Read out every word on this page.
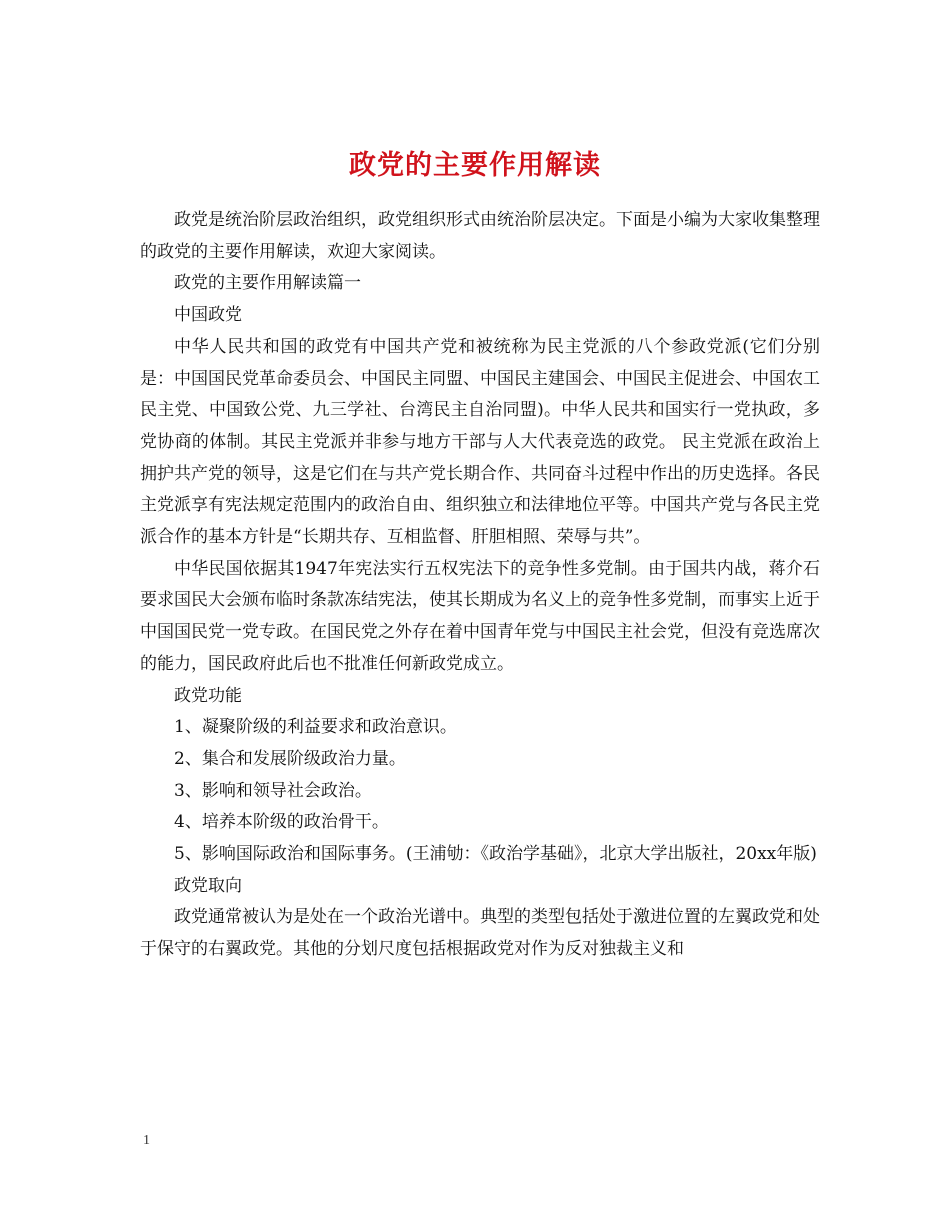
政党的主要作用解读

政党是统治阶层政治组织，政党组织形式由统治阶层决定。下面是小编为大家收集整理的政党的主要作用解读，欢迎大家阅读。

政党的主要作用解读篇一

中国政党

中华人民共和国的政党有中国共产党和被统称为民主党派的八个参政党派(它们分别是：中国国民党革命委员会、中国民主同盟、中国民主建国会、中国民主促进会、中国农工民主党、中国致公党、九三学社、台湾民主自治同盟)。中华人民共和国实行一党执政，多党协商的体制。其民主党派并非参与地方干部与人大代表竞选的政党。 民主党派在政治上拥护共产党的领导，这是它们在与共产党长期合作、共同奋斗过程中作出的历史选择。各民主党派享有宪法规定范围内的政治自由、组织独立和法律地位平等。中国共产党与各民主党派合作的基本方针是“长期共存、互相监督、肝胆相照、荣辱与共”。

中华民国依据其1947年宪法实行五权宪法下的竞争性多党制。由于国共内战，蒋介石要求国民大会颁布临时条款冻结宪法，使其长期成为名义上的竞争性多党制，而事实上近于中国国民党一党专政。在国民党之外存在着中国青年党与中国民主社会党，但没有竞选席次的能力，国民政府此后也不批准任何新政党成立。

政党功能

1、凝聚阶级的利益要求和政治意识。

2、集合和发展阶级政治力量。

3、影响和领导社会政治。

4、培养本阶级的政治骨干。

5、影响国际政治和国际事务。(王浦劬：《政治学基础》，北京大学出版社，20xx年版)

政党取向

政党通常被认为是处在一个政治光谱中。典型的类型包括处于激进位置的左翼政党和处于保守的右翼政党。其他的分划尺度包括根据政党对作为反对独裁主义和

1
